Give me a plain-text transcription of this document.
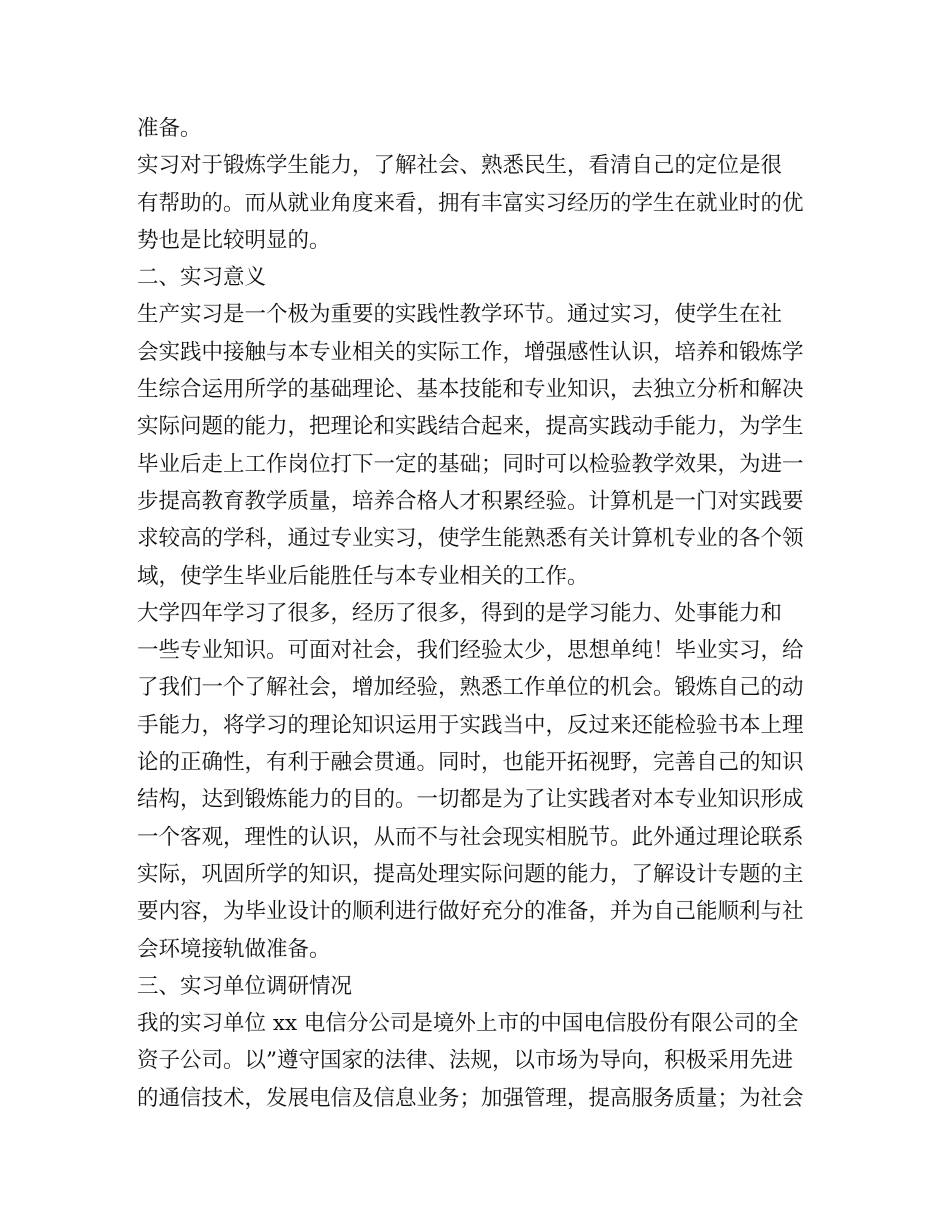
准备。
实习对于锻炼学生能力，了解社会、熟悉民生，看清自己的定位是很
有帮助的。而从就业角度来看，拥有丰富实习经历的学生在就业时的优
势也是比较明显的。
二、实习意义
生产实习是一个极为重要的实践性教学环节。通过实习，使学生在社
会实践中接触与本专业相关的实际工作，增强感性认识，培养和锻炼学
生综合运用所学的基础理论、基本技能和专业知识，去独立分析和解决
实际问题的能力，把理论和实践结合起来，提高实践动手能力，为学生
毕业后走上工作岗位打下一定的基础；同时可以检验教学效果，为进一
步提高教育教学质量，培养合格人才积累经验。计算机是一门对实践要
求较高的学科，通过专业实习，使学生能熟悉有关计算机专业的各个领
域，使学生毕业后能胜任与本专业相关的工作。
大学四年学习了很多，经历了很多，得到的是学习能力、处事能力和
一些专业知识。可面对社会，我们经验太少，思想单纯！毕业实习，给
了我们一个了解社会，增加经验，熟悉工作单位的机会。锻炼自己的动
手能力，将学习的理论知识运用于实践当中，反过来还能检验书本上理
论的正确性，有利于融会贯通。同时，也能开拓视野，完善自己的知识
结构，达到锻炼能力的目的。一切都是为了让实践者对本专业知识形成
一个客观，理性的认识，从而不与社会现实相脱节。此外通过理论联系
实际，巩固所学的知识，提高处理实际问题的能力，了解设计专题的主
要内容，为毕业设计的顺利进行做好充分的准备，并为自己能顺利与社
会环境接轨做准备。
三、实习单位调研情况
我的实习单位 xx 电信分公司是境外上市的中国电信股份有限公司的全
资子公司。以”遵守国家的法律、法规，以市场为导向，积极采用先进
的通信技术，发展电信及信息业务；加强管理，提高服务质量；为社会
